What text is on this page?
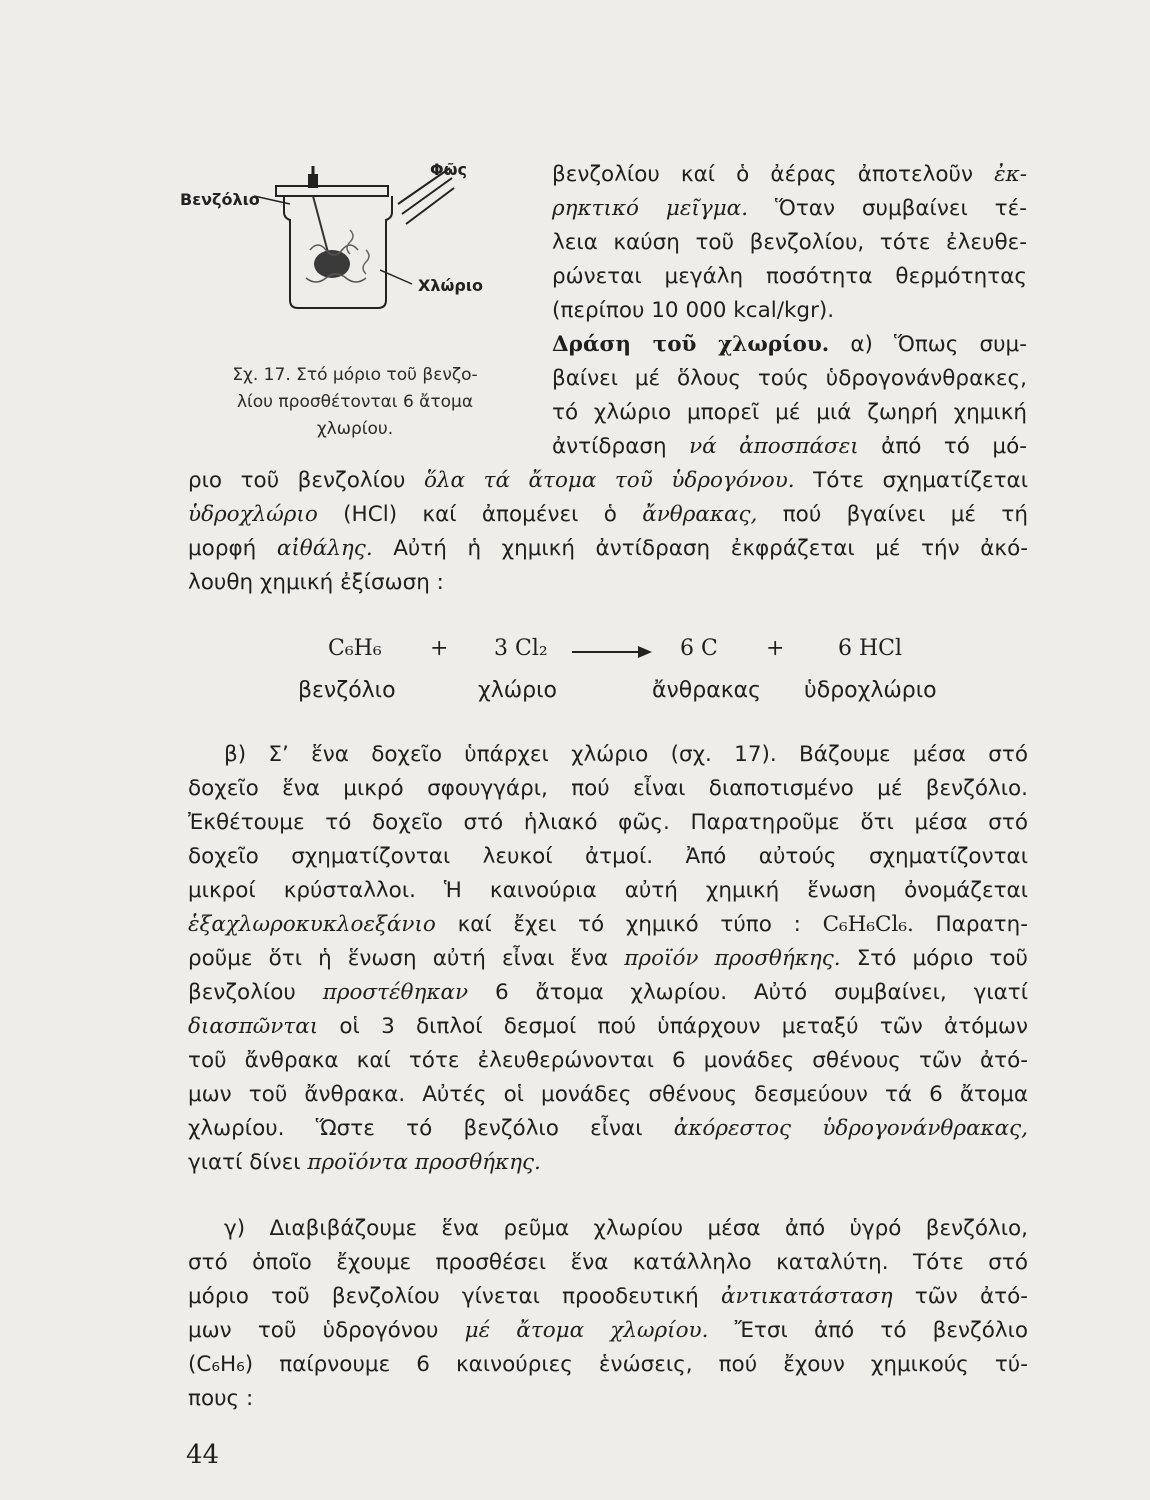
Φῶς
Βενζόλιο
Χλώριο
Σχ. 17. Στό μόριο τοῦ βενζο-
λίου προσθέτονται 6 ἄτομα
χλωρίου.
βενζολίου καί ὁ ἀέρας ἀποτελοῦν ἐκ-
ρηκτικό μεῖγμα. Ὅταν συμβαίνει τέ-
λεια καύση τοῦ βενζολίου, τότε ἐλευθε-
ρώνεται μεγάλη ποσότητα θερμότητας
(περίπου 10 000 kcal/kgr).
Δράση τοῦ χλωρίου. α) Ὅπως συμ-
βαίνει μέ ὅλους τούς ὑδρογονάνθρακες,
τό χλώριο μπορεῖ μέ μιά ζωηρή χημική
ἀντίδραση νά ἀποσπάσει ἀπό τό μό-
ριο τοῦ βενζολίου ὅλα τά ἄτομα τοῦ ὑδρογόνου. Τότε σχηματίζεται
ὑδροχλώριο (HCl) καί ἀπομένει ὁ ἄνθρακας, πού βγαίνει μέ τή
μορφή αἰθάλης. Αὐτή ἡ χημική ἀντίδραση ἐκφράζεται μέ τήν ἀκό-
λουθη χημική ἐξίσωση :
C₆H₆ + 3 Cl₂ → 6 C + 6 HCl
βενζόλιο	χλώριο	ἄνθρακας ὑδροχλώριο
β) Σ’ ἕνα δοχεῖο ὑπάρχει χλώριο (σχ. 17). Βάζουμε μέσα στό
δοχεῖο ἕνα μικρό σφουγγάρι, πού εἶναι διαποτισμένο μέ βενζόλιο.
Ἐκθέτουμε τό δοχεῖο στό ἡλιακό φῶς. Παρατηροῦμε ὅτι μέσα στό
δοχεῖο σχηματίζονται λευκοί ἀτμοί. Ἀπό αὐτούς σχηματίζονται
μικροί κρύσταλλοι. Ἡ καινούρια αὐτή χημική ἕνωση ὀνομάζεται
ἑξαχλωροκυκλοεξάνιο καί ἔχει τό χημικό τύπο : C₆H₆Cl₆. Παρατη-
ροῦμε ὅτι ἡ ἕνωση αὐτή εἶναι ἕνα προϊόν προσθήκης. Στό μόριο τοῦ
βενζολίου προστέθηκαν 6 ἄτομα χλωρίου. Αὐτό συμβαίνει, γιατί
διασπῶνται οἱ 3 διπλοί δεσμοί πού ὑπάρχουν μεταξύ τῶν ἀτόμων
τοῦ ἄνθρακα καί τότε ἐλευθερώνονται 6 μονάδες σθένους τῶν ἀτό-
μων τοῦ ἄνθρακα. Αὐτές οἱ μονάδες σθένους δεσμεύουν τά 6 ἄτομα
χλωρίου. Ὥστε τό βενζόλιο εἶναι ἀκόρεστος ὑδρογονάνθρακας,
γιατί δίνει προϊόντα προσθήκης.
γ) Διαβιβάζουμε ἕνα ρεῦμα χλωρίου μέσα ἀπό ὑγρό βενζόλιο,
στό ὁποῖο ἔχουμε προσθέσει ἕνα κατάλληλο καταλύτη. Τότε στό
μόριο τοῦ βενζολίου γίνεται προοδευτική ἀντικατάσταση τῶν ἀτό-
μων τοῦ ὑδρογόνου μέ ἄτομα χλωρίου. Ἔτσι ἀπό τό βενζόλιο
(C₆H₆) παίρνουμε 6 καινούριες ἑνώσεις, πού ἔχουν χημικούς τύ-
πους :
44
